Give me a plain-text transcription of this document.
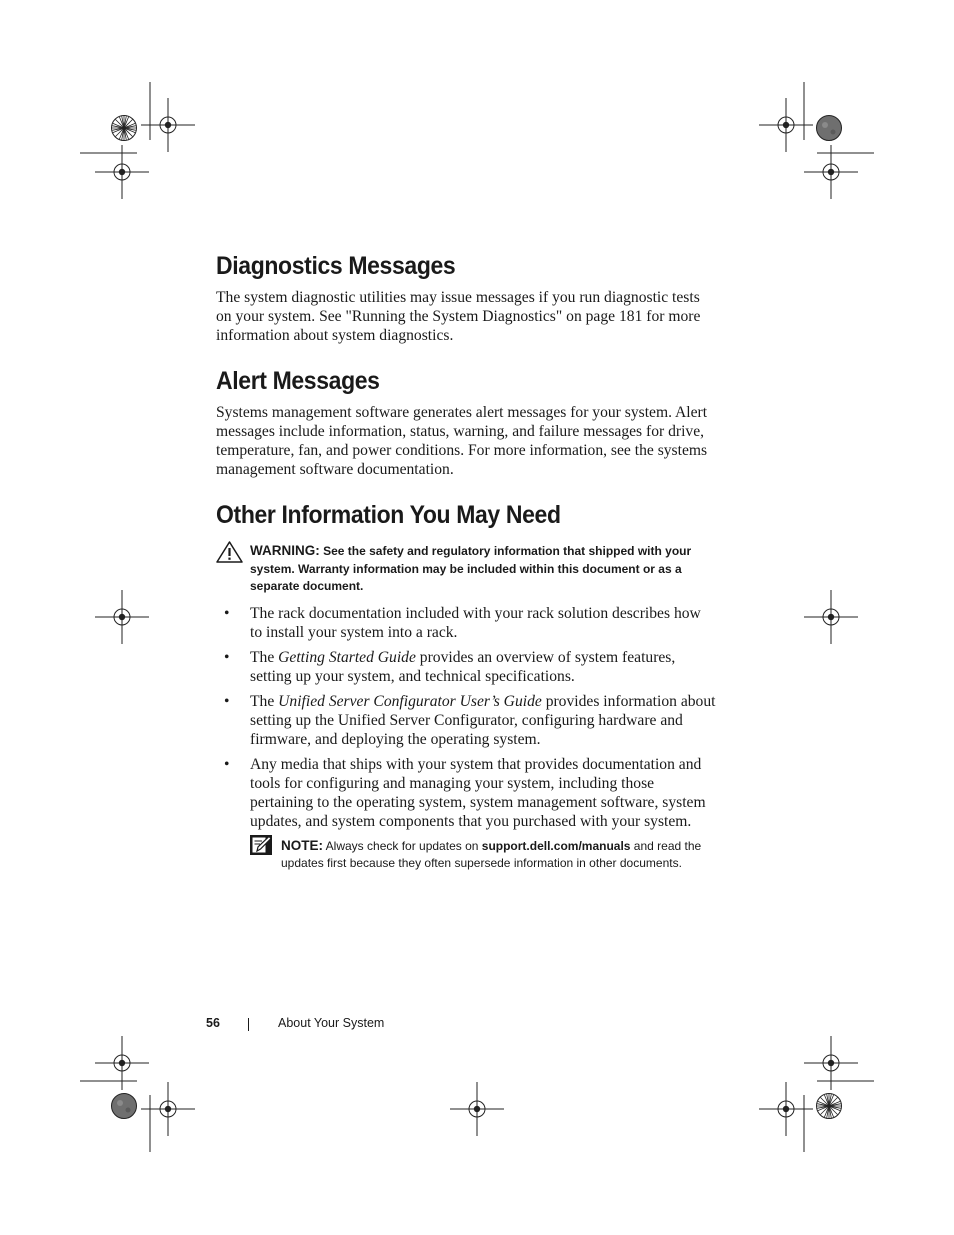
Diagnostics Messages

The system diagnostic utilities may issue messages if you run diagnostic tests on your system. See "Running the System Diagnostics" on page 181 for more information about system diagnostics.

Alert Messages

Systems management software generates alert messages for your system. Alert messages include information, status, warning, and failure messages for drive, temperature, fan, and power conditions. For more information, see the systems management software documentation.

Other Information You May Need
WARNING: See the safety and regulatory information that shipped with your system. Warranty information may be included within this document or as a separate document.
• The rack documentation included with your rack solution describes how to install your system into a rack.
• The Getting Started Guide provides an overview of system features, setting up your system, and technical specifications.
• The Unified Server Configurator User’s Guide provides information about setting up the Unified Server Configurator, configuring hardware and firmware, and deploying the operating system.
• Any media that ships with your system that provides documentation and tools for configuring and managing your system, including those pertaining to the operating system, system management software, system updates, and system components that you purchased with your system.
NOTE: Always check for updates on support.dell.com/manuals and read the updates first because they often supersede information in other documents.
56	About Your System
